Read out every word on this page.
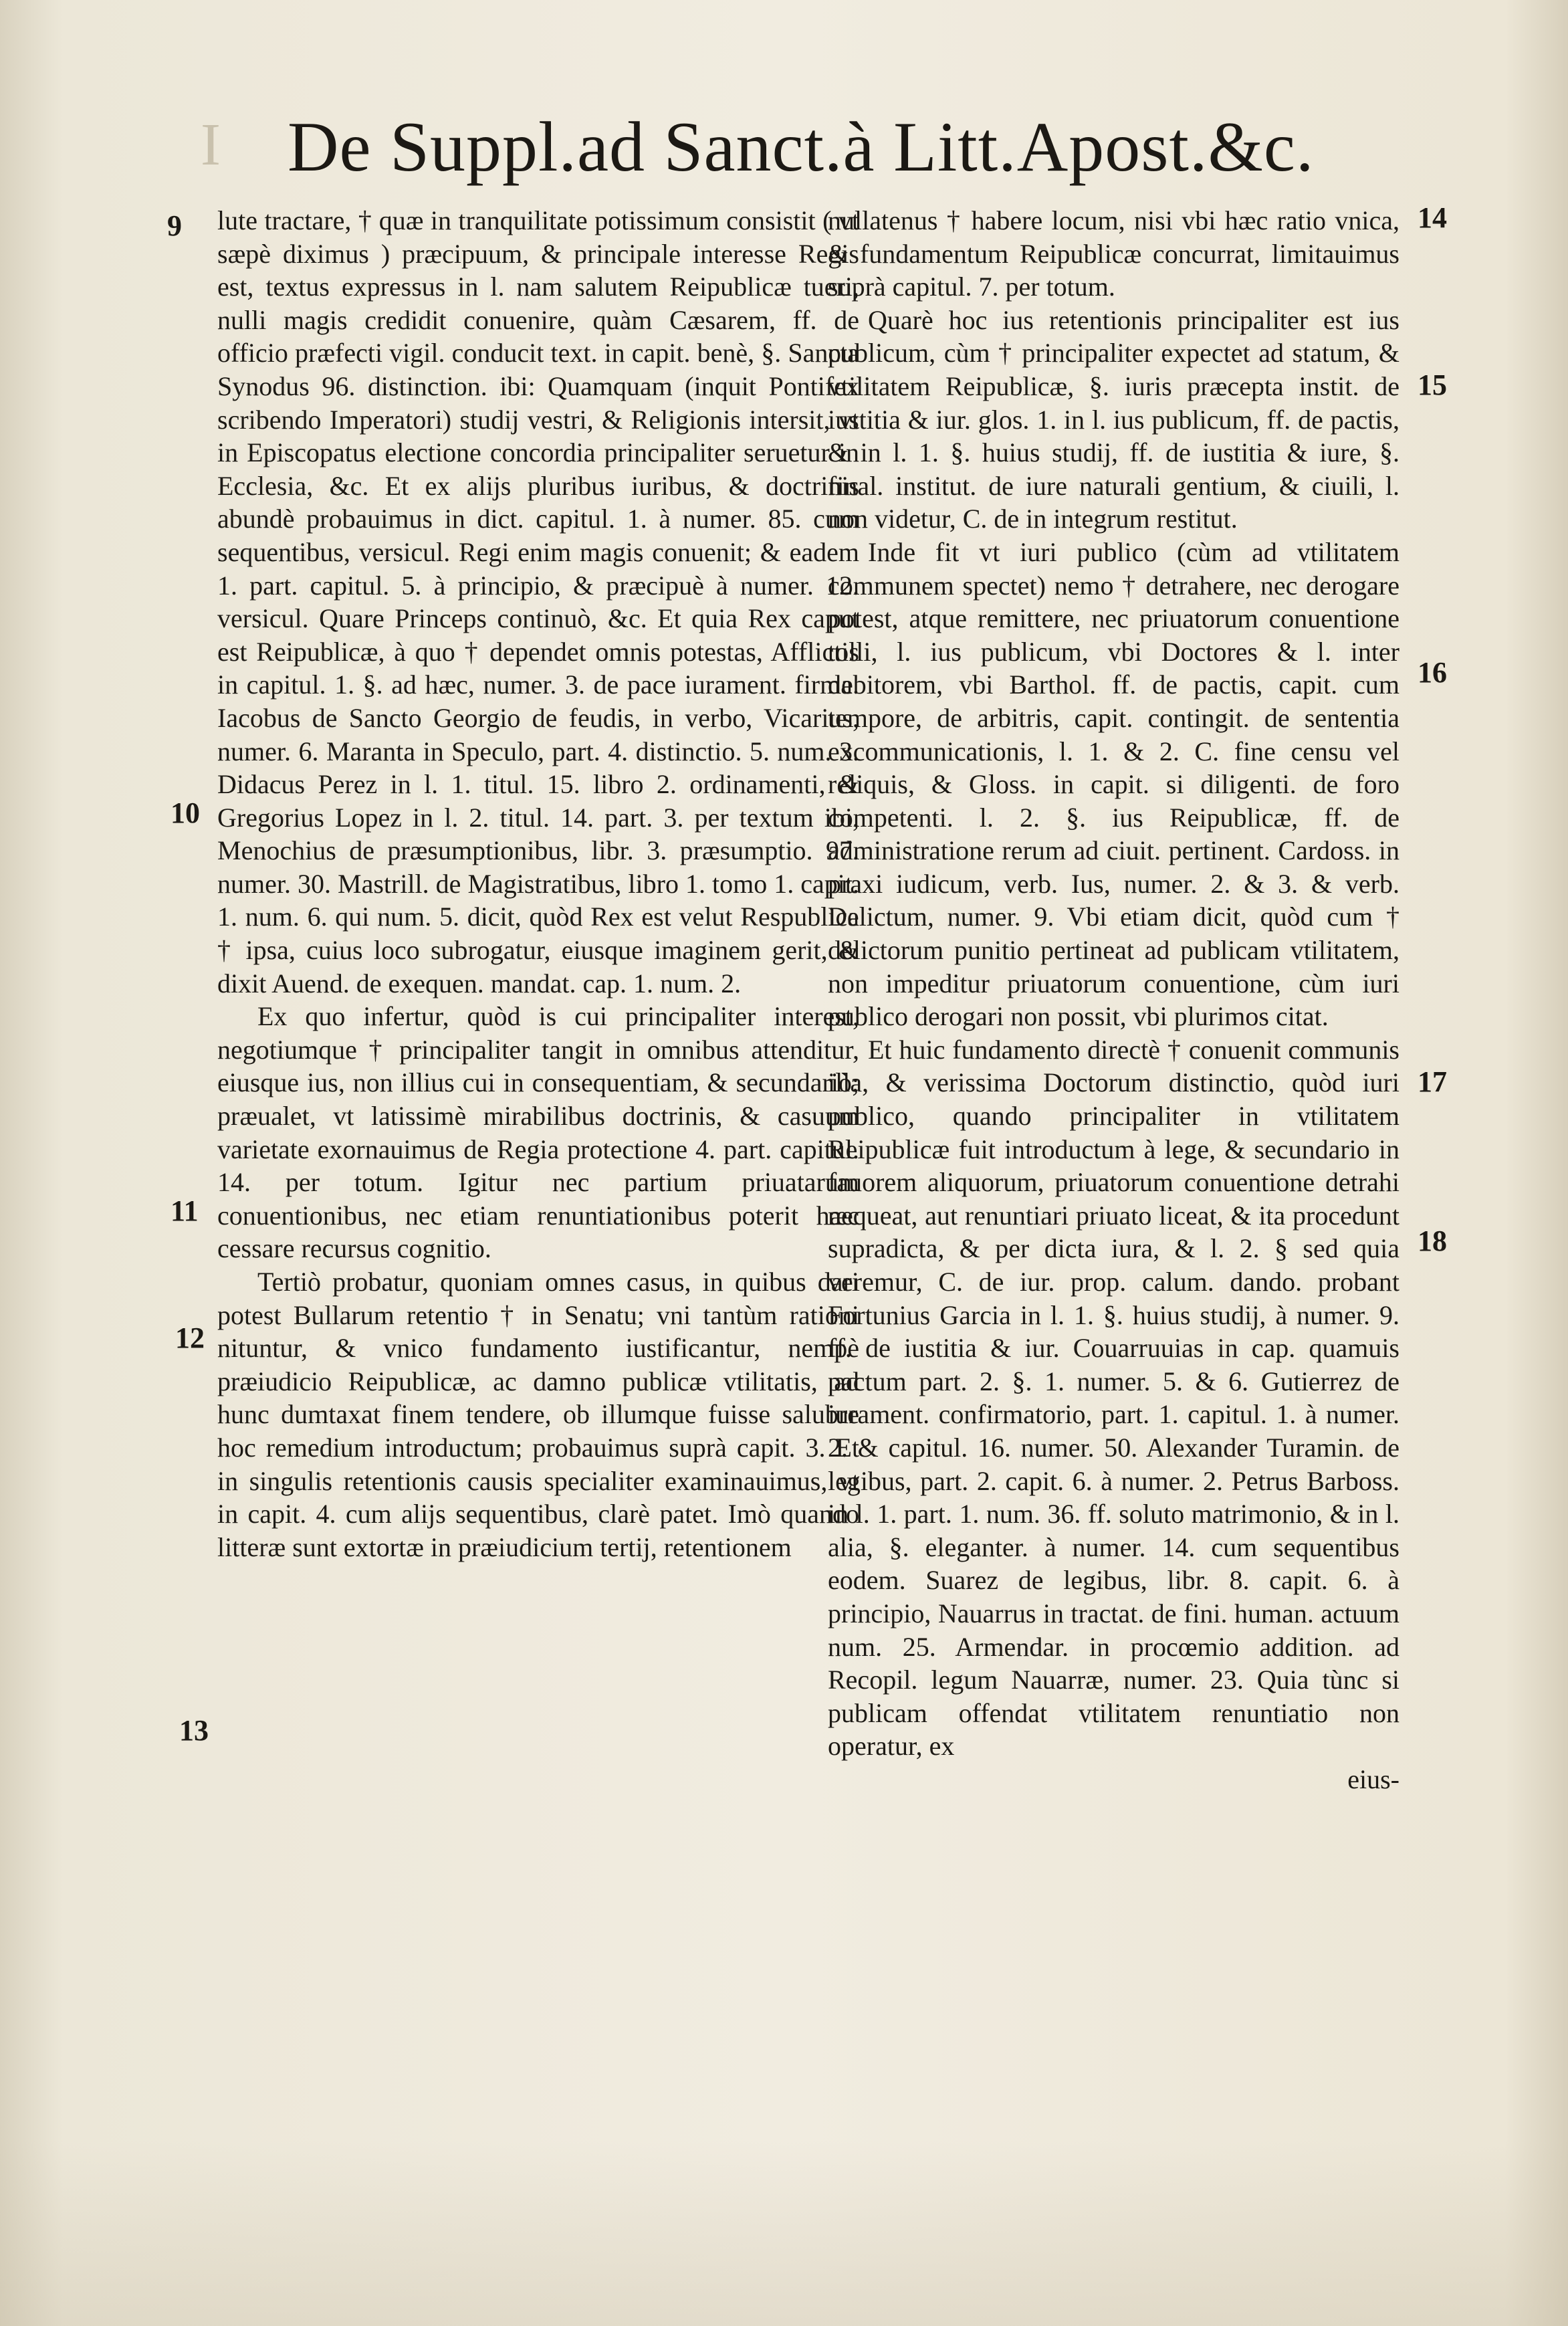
I De Suppl.ad Sanct.à Litt.Apost.&c.
9
10
11
12
13
14
15
16
17
18

lute tractare, † quæ in tranquilitate potissimum consistit ( vt sæpè diximus ) præcipuum, & principale interesse Regis est, textus expressus in l. nam salutem Reipublicæ tueri, nulli magis credidit conuenire, quàm Cæsarem, ff. de officio præfecti vigil. conducit text. in capit. benè, §. Sancta Synodus 96. distinction. ibi: Quamquam (inquit Pontifex scribendo Imperatori) studij vestri, & Religionis intersit, vt in Episcopatus electione concordia principaliter seruetur in Ecclesia, &c. Et ex alijs pluribus iuribus, & doctrinis abundè probauimus in dict. capitul. 1. à numer. 85. cum sequentibus, versicul. Regi enim magis conuenit; & eadem 1. part. capitul. 5. à principio, & præcipuè à numer. 12. versicul. Quare Princeps continuò, &c. Et quia Rex caput est Reipublicæ, à quo † dependet omnis potestas, Afflictis in capitul. 1. §. ad hæc, numer. 3. de pace iurament. firma. Iacobus de Sancto Georgio de feudis, in verbo, Vicarius, numer. 6. Maranta in Speculo, part. 4. distinctio. 5. num. 3. Didacus Perez in l. 1. titul. 15. libro 2. ordinamenti, & Gregorius Lopez in l. 2. titul. 14. part. 3. per textum ibi, Menochius de præsumptionibus, libr. 3. præsumptio. 97. numer. 30. Mastrill. de Magistratibus, libro 1. tomo 1. capit. 1. num. 6. qui num. 5. dicit, quòd Rex est velut Respublica † ipsa, cuius loco subrogatur, eiusque imaginem gerit, & dixit Auend. de exequen. mandat. cap. 1. num. 2.

Ex quo infertur, quòd is cui principaliter interest, negotiumque † principaliter tangit in omnibus attenditur, eiusque ius, non illius cui in consequentiam, & secundariò; præualet, vt latissimè mirabilibus doctrinis, & casuum varietate exornauimus de Regia protectione 4. part. capitul. 14. per totum. Igitur nec partium priuatarum conuentionibus, nec etiam renuntiationibus poterit hæc cessare recursus cognitio.

Tertiò probatur, quoniam omnes casus, in quibus dari potest Bullarum retentio † in Senatu; vni tantùm rationi nituntur, & vnico fundamento iustificantur, nempè præiudicio Reipublicæ, ac damno publicæ vtilitatis, ad hunc dumtaxat finem tendere, ob illumque fuisse salubre hoc remedium introductum; probauimus suprà capit. 3. Et in singulis retentionis causis specialiter examinauimus, vt in capit. 4. cum alijs sequentibus, clarè patet. Imò quando litteræ sunt extortæ in præiudicium tertij, retentionem

nullatenus † habere locum, nisi vbi hæc ratio vnica, & fundamentum Reipublicæ concurrat, limitauimus suprà capitul. 7. per totum.

Quarè hoc ius retentionis principaliter est ius publicum, cùm † principaliter expectet ad statum, & vtilitatem Reipublicæ, §. iuris præcepta instit. de iustitia & iur. glos. 1. in l. ius publicum, ff. de pactis, & in l. 1. §. huius studij, ff. de iustitia & iure, §. final. institut. de iure naturali gentium, & ciuili, l. non videtur, C. de in integrum restitut.

Inde fit vt iuri publico (cùm ad vtilitatem communem spectet) nemo † detrahere, nec derogare potest, atque remittere, nec priuatorum conuentione tolli, l. ius publicum, vbi Doctores & l. inter debitorem, vbi Barthol. ff. de pactis, capit. cum tempore, de arbitris, capit. contingit. de sententia excommunicationis, l. 1. & 2. C. fine censu vel reliquis, & Gloss. in capit. si diligenti. de foro competenti. l. 2. §. ius Reipublicæ, ff. de administratione rerum ad ciuit. pertinent. Cardoss. in praxi iudicum, verb. Ius, numer. 2. & 3. & verb. Delictum, numer. 9. Vbi etiam dicit, quòd cum † delictorum punitio pertineat ad publicam vtilitatem, non impeditur priuatorum conuentione, cùm iuri publico derogari non possit, vbi plurimos citat.

Et huic fundamento directè † conuenit communis illa, & verissima Doctorum distinctio, quòd iuri publico, quando principaliter in vtilitatem Reipublicæ fuit introductum à lege, & secundario in fauorem aliquorum, priuatorum conuentione detrahi nequeat, aut renuntiari priuato liceat, & ita procedunt supradicta, & per dicta iura, & l. 2. § sed quia veremur, C. de iur. prop. calum. dando. probant Fortunius Garcia in l. 1. §. huius studij, à numer. 9. ff. de iustitia & iur. Couarruuias in cap. quamuis pactum part. 2. §. 1. numer. 5. & 6. Gutierrez de iurament. confirmatorio, part. 1. capitul. 1. à numer. 2. & capitul. 16. numer. 50. Alexander Turamin. de legibus, part. 2. capit. 6. à numer. 2. Petrus Barboss. in l. 1. part. 1. num. 36. ff. soluto matrimonio, & in l. alia, §. eleganter. à numer. 14. cum sequentibus eodem. Suarez de legibus, libr. 8. capit. 6. à principio, Nauarrus in tractat. de fini. human. actuum num. 25. Armendar. in procœmio addition. ad Recopil. legum Nauarræ, numer. 23. Quia tùnc si publicam offendat vtilitatem renuntiatio non operatur, ex

eius-
